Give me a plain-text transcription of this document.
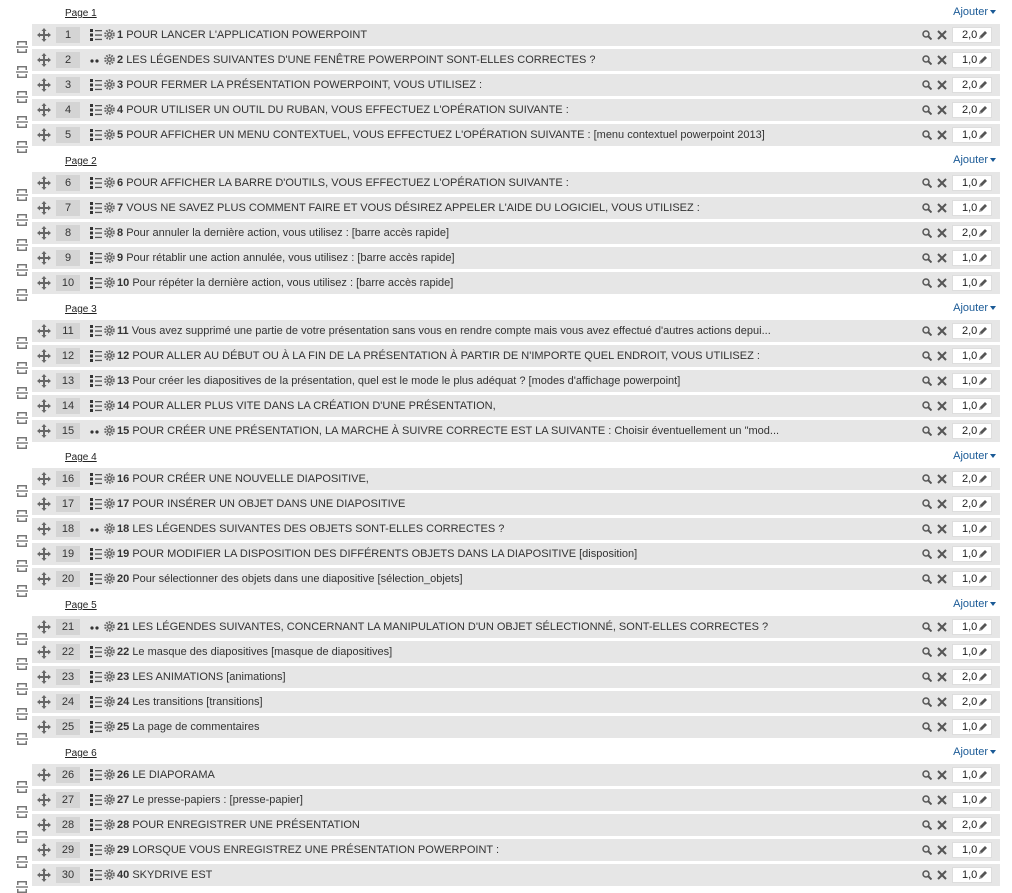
Page 1	Ajouter
1	1 POUR LANCER L'APPLICATION POWERPOINT	2,0
2	2 LES LÉGENDES SUIVANTES D'UNE FENÊTRE POWERPOINT SONT-ELLES CORRECTES ?	1,0
3	3 POUR FERMER LA PRÉSENTATION POWERPOINT, VOUS UTILISEZ :	2,0
4	4 POUR UTILISER UN OUTIL DU RUBAN, VOUS EFFECTUEZ L'OPÉRATION SUIVANTE :	2,0
5	5 POUR AFFICHER UN MENU CONTEXTUEL, VOUS EFFECTUEZ L'OPÉRATION SUIVANTE : [menu contextuel powerpoint 2013]	1,0
Page 2	Ajouter
6	6 POUR AFFICHER LA BARRE D'OUTILS, VOUS EFFECTUEZ L'OPÉRATION SUIVANTE :	1,0
7	7 VOUS NE SAVEZ PLUS COMMENT FAIRE ET VOUS DÉSIREZ APPELER L'AIDE DU LOGICIEL, VOUS UTILISEZ :	1,0
8	8 Pour annuler la dernière action, vous utilisez : [barre accès rapide]	2,0
9	9 Pour rétablir une action annulée, vous utilisez : [barre accès rapide]	1,0
10	10 Pour répéter la dernière action, vous utilisez : [barre accès rapide]	1,0
Page 3	Ajouter
11	11 Vous avez supprimé une partie de votre présentation sans vous en rendre compte mais vous avez effectué d'autres actions depui...	2,0
12	12 POUR ALLER AU DÉBUT OU À LA FIN DE LA PRÉSENTATION À PARTIR DE N'IMPORTE QUEL ENDROIT, VOUS UTILISEZ :	1,0
13	13 Pour créer les diapositives de la présentation, quel est le mode le plus adéquat ? [modes d'affichage powerpoint]	1,0
14	14 POUR ALLER PLUS VITE DANS LA CRÉATION D'UNE PRÉSENTATION,	1,0
15	15 POUR CRÉER UNE PRÉSENTATION, LA MARCHE À SUIVRE CORRECTE EST LA SUIVANTE : Choisir éventuellement un "mod...	2,0
Page 4	Ajouter
16	16 POUR CRÉER UNE NOUVELLE DIAPOSITIVE,	2,0
17	17 POUR INSÉRER UN OBJET DANS UNE DIAPOSITIVE	2,0
18	18 LES LÉGENDES SUIVANTES DES OBJETS SONT-ELLES CORRECTES ?	1,0
19	19 POUR MODIFIER LA DISPOSITION DES DIFFÉRENTS OBJETS DANS LA DIAPOSITIVE [disposition]	1,0
20	20 Pour sélectionner des objets dans une diapositive [sélection_objets]	1,0
Page 5	Ajouter
21	21 LES LÉGENDES SUIVANTES, CONCERNANT LA MANIPULATION D'UN OBJET SÉLECTIONNÉ, SONT-ELLES CORRECTES ?	1,0
22	22 Le masque des diapositives [masque de diapositives]	1,0
23	23 LES ANIMATIONS [animations]	2,0
24	24 Les transitions [transitions]	2,0
25	25 La page de commentaires	1,0
Page 6	Ajouter
26	26 LE DIAPORAMA	1,0
27	27 Le presse-papiers : [presse-papier]	1,0
28	28 POUR ENREGISTRER UNE PRÉSENTATION	2,0
29	29 LORSQUE VOUS ENREGISTREZ UNE PRÉSENTATION POWERPOINT :	1,0
30	40 SKYDRIVE EST	1,0
